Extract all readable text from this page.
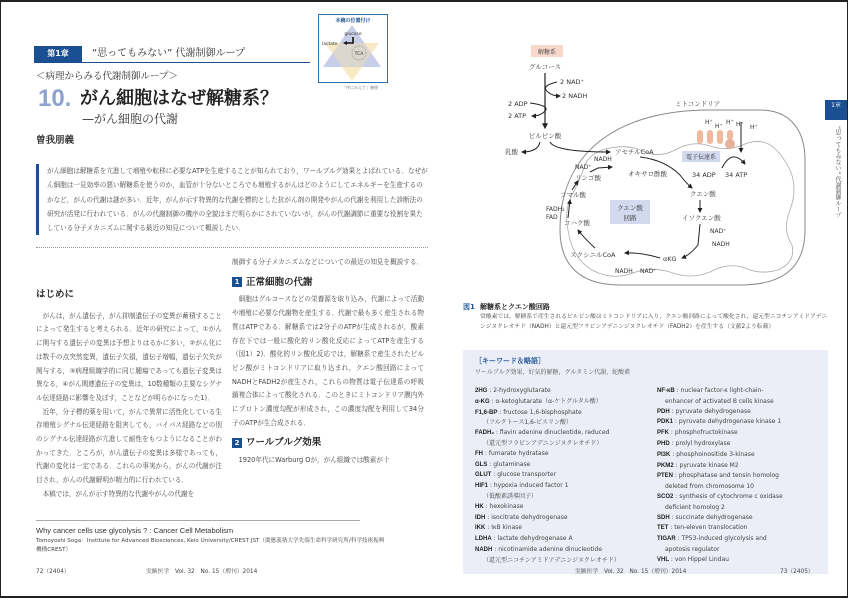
第1章	“思ってもみない” 代謝制御ループ
glucose
lactate
TCA
本稿の位置付け
「序にかえて」参照
＜病理からみる代謝制御ループ＞
10. がん細胞はなぜ解糖系？
—がん細胞の代謝
曽我朋義
がん細胞は解糖系を亢進して増殖や転移に必要なATPを生産することが知られており，ワールブルグ効果とよばれている．なぜがん細胞は一見効率の悪い解糖系を使うのか，血管が十分ないところでも増殖するがんはどのようにしてエネルギーを生産するのかなど，がんの代謝は謎が多い．近年，がんが示す特異的な代謝を標的とした抗がん剤の開発やがんの代謝を利用した診断法の研究が活発に行われている．がんの代謝制御の機序の全貌はまだ明らかにされていないが，がんの代謝調節に重要な役割を果たしている分子メカニズムに関する最近の知見について概説したい．

はじめに

がんは，がん遺伝子，がん抑制遺伝子の変異が蓄積することによって発生すると考えられる．近年の研究によって，①がんに関与する遺伝子の変異は予想よりはるかに多い，②がん化には数千の点突然変異，遺伝子欠損，遺伝子増幅，遺伝子欠失が関与する，③病理組織学的に同じ腫瘍であっても遺伝子変異は異なる，④がん関連遺伝子の変異は，10数種類の主要なシグナル伝達経路に影響を及ぼす，ことなどが明らかになった1)．

近年，分子標的薬を用いて，がんで異常に活性化している生存増殖シグナル伝達経路を阻害しても，バイパス経路などの別のシグナル伝達経路が亢進して耐性をもつようになることがわかってきた．ところが，がん遺伝子の変異は多様であっても，代謝の変化は一定である．これらの事実から，がんの代謝が注目され，がんの代謝解明が精力的に行われている．

本稿では，がんが示す特異的な代謝やがんの代謝を

制御する分子メカニズムなどについての最近の知見を概説する．

1 正常細胞の代謝

細胞はグルコースなどの栄養源を取り込み，代謝によって活動や増殖に必要な代謝物を産生する．代謝で最も多く産生される物質はATPである．解糖系では2分子のATPが生成されるが，酸素存在下では一般に酸化的リン酸化反応によってATPを産生する（図1）2)．酸化的リン酸化反応では，解糖系で産生されたピルビン酸がミトコンドリアに取り込まれ，クエン酸回路によってNADHとFADH2が産生され，これらの物質は電子伝達系の呼吸鎖複合体によって酸化される．このときにミトコンドリア膜内外にプロトン濃度勾配が形成され，この濃度勾配を利用して34分子のATPが生合成される．

2 ワールブルグ効果

1920年代にWarburg Oが，がん組織では酸素が十

Why cancer cells use glycolysis ? : Cancer Cell Metabolism
Tomoyoshi Soga：Institute for Advanced Biosciences, Keio University/CREST JST（慶應義塾大学先端生命科学研究所/科学技術振興機構CREST）
72（2404）	実験医学　Vol. 32　No. 15（増刊）2014
1章
“思ってもみない” 代謝制御ループ
解糖系
グルコース
2 NAD⁺
2 NADH
2 ADP
2 ATP
ピルビン酸
乳酸	アセチルCoA
ミトコンドリア
H⁺
H⁺
H⁺ H⁺ H⁺
電子伝達系
34 ADP 34 ATP
オキサロ酢酸
クエン酸
イソクエン酸
NAD⁺
NADH
αKG
スクシニルCoA
NADH NAD⁺
コハク酸
FADH₂
FAD
フマル酸
リンゴ酸
NAD⁺
NADH
クエン酸
回路
図1 解糖系とクエン酸回路
常酸素では，解糖系で産生されるピルビン酸はミトコンドリアに入り，クエン酸回路によって酸化され，還元型ニコチンアミドアデニンジヌクレオチド（NADH）と還元型フラビンアデニンジヌクレオチド（FADH2）を産生する（文献2より転載）
［キーワード＆略語］
ワールブルグ効果，好気的解糖，グルタミン代謝，蛇酸素
2HG : 2-hydroxyglutarate
α-KG : α-ketoglutarate（α-ケトグルタル酸）
F1,6-BP : fructose 1,6-bisphosphate
（フルクトース1,6-ビスリン酸）
FADH₂ : flavin adenine dinucleotide, reduced
（還元型フラビンアデニンジヌクレオチド）
FH : fumarate hydratase
GLS : glutaminase
GLUT : glucose transporter
HIF1 : hypoxia induced factor 1
（低酸素誘導因子）
HK : hexokinase
IDH : isocitrate dehydrogenase
IKK : IκB kinase
LDHA : lactate dehydrogenase A
NADH : nicotinamide adenine dinucleotide
（還元型ニコチンアミドアデニンジヌクレオチド）
NF-κB : nuclear factor-κ light-chain-
enhancer of activated B cells kinase
PDH : pyruvate dehydrogenase
PDK1 : pyruvate dehydrogenase kinase 1
PFK : phosphofructokinase
PHD : prolyl hydroxylase
PI3K : phosphoinositide 3-kinase
PKM2 : pyruvate kinase M2
PTEN : phosphatase and tensin homolog
deleted from chromosome 10
SCO2 : synthesis of cytochrome c oxidase
deficient homolog 2
SDH : succinate dehydrogenase
TET : ten-eleven translocation
TIGAR : TP53-induced glycolysis and
apotosis regulator
VHL : von Hippel Lindau
実験医学　Vol. 32　No. 15（増刊）2014	73（2405）
